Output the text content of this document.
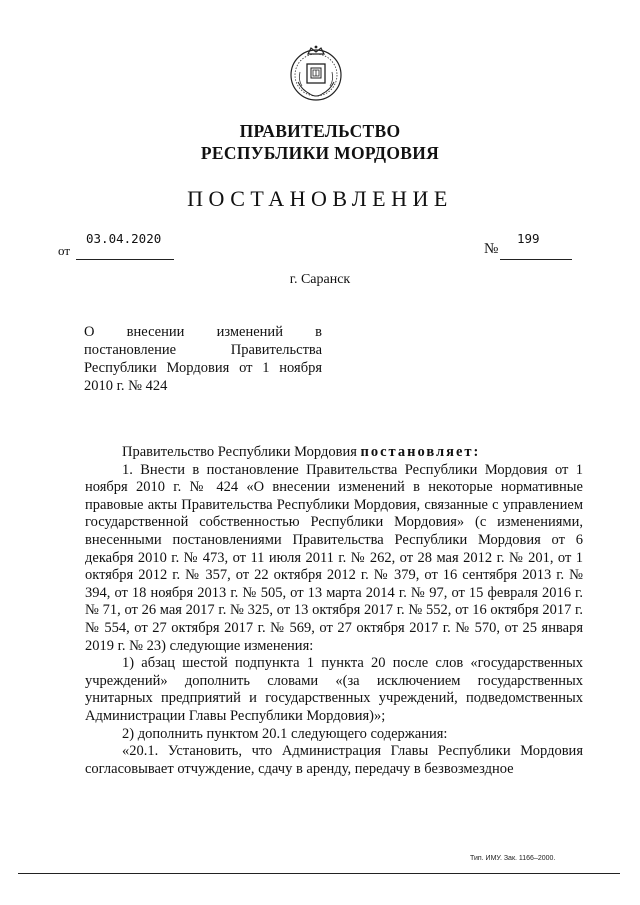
ПРАВИТЕЛЬСТВО
РЕСПУБЛИКИ МОРДОВИЯ
ПОСТАНОВЛЕНИЕ
от
03.04.2020
№
199
г. Саранск
О внесении изменений в постановление Правительства Республики Мордовия от 1 ноября 2010 г. № 424

Правительство Республики Мордовия постановляет:

1. Внести в постановление Правительства Республики Мордовия от 1 ноября 2010 г. № 424 «О внесении изменений в некоторые нормативные правовые акты Правительства Республики Мордовия, связанные с управлением государственной собственностью Республики Мордовия» (с изменениями, внесенными постановлениями Правительства Республики Мордовия от 6 декабря 2010 г. № 473, от 11 июля 2011 г. № 262, от 28 мая 2012 г. № 201, от 1 октября 2012 г. № 357, от 22 октября 2012 г. № 379, от 16 сентября 2013 г. № 394, от 18 ноября 2013 г. № 505, от 13 марта 2014 г. № 97, от 15 февраля 2016 г. № 71, от 26 мая 2017 г. № 325, от 13 октября 2017 г. № 552, от 16 октября 2017 г. № 554, от 27 октября 2017 г. № 569, от 27 октября 2017 г. № 570, от 25 января 2019 г. № 23) следующие изменения:

1) абзац шестой подпункта 1 пункта 20 после слов «государственных учреждений» дополнить словами «(за исключением государственных унитарных предприятий и государственных учреждений, подведомственных Администрации Главы Республики Мордовия)»;

2) дополнить пунктом 20.1 следующего содержания:

«20.1. Установить, что Администрация Главы Республики Мордовия согласовывает отчуждение, сдачу в аренду, передачу в безвозмездное

Тип. ИМУ. Зак. 1166–2000.
